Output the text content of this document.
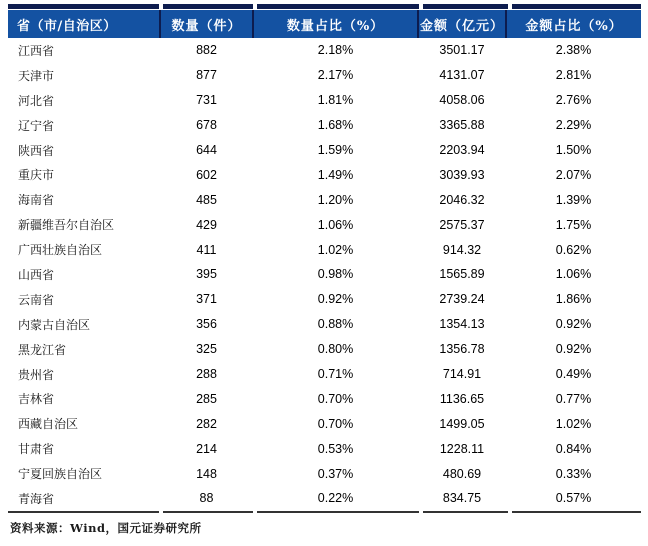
省（市/自治区）	数量（件）	数量占比（%）	金额（亿元）	金额占比（%）
江西省	882	2.18%	3501.17	2.38%
天津市	877	2.17%	4131.07	2.81%
河北省	731	1.81%	4058.06	2.76%
辽宁省	678	1.68%	3365.88	2.29%
陕西省	644	1.59%	2203.94	1.50%
重庆市	602	1.49%	3039.93	2.07%
海南省	485	1.20%	2046.32	1.39%
新疆维吾尔自治区	429	1.06%	2575.37	1.75%
广西壮族自治区	411	1.02%	914.32	0.62%
山西省	395	0.98%	1565.89	1.06%
云南省	371	0.92%	2739.24	1.86%
内蒙古自治区	356	0.88%	1354.13	0.92%
黑龙江省	325	0.80%	1356.78	0.92%
贵州省	288	0.71%	714.91	0.49%
吉林省	285	0.70%	1136.65	0.77%
西藏自治区	282	0.70%	1499.05	1.02%
甘肃省	214	0.53%	1228.11	0.84%
宁夏回族自治区	148	0.37%	480.69	0.33%
青海省	88	0.22%	834.75	0.57%
资料来源：Wind，国元证券研究所
